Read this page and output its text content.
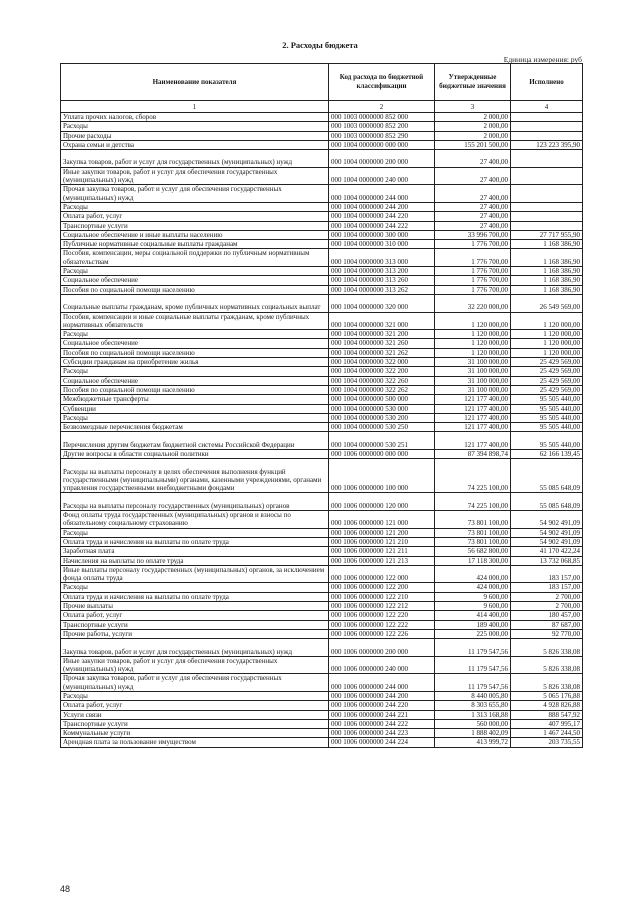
2. Расходы бюджета
Единица измерения: руб
Наименование показателя	Код расхода по бюджетной классификации	Утвержденные бюджетные значения	Исполнено
1	2	3	4
Уплата прочих налогов, сборов	000 1003 0000000 852 000	2 000,00	
Расходы	000 1003 0000000 852 200	2 000,00	
Прочие расходы	000 1003 0000000 852 290	2 000,00	
Охрана семьи и детства	000 1004 0000000 000 000	155 201 500,00	123 223 395,90
Закупка товаров, работ и услуг для государственных (муниципальных) нужд	000 1004 0000000 200 000	27 400,00	
Иные закупки товаров, работ и услуг для обеспечения государственных (муниципальных) нужд	000 1004 0000000 240 000	27 400,00	
Прочая закупка товаров, работ и услуг для обеспечения государственных (муниципальных) нужд	000 1004 0000000 244 000	27 400,00	
Расходы	000 1004 0000000 244 200	27 400,00	
Оплата работ, услуг	000 1004 0000000 244 220	27 400,00	
Транспортные услуги	000 1004 0000000 244 222	27 400,00	
Социальное обеспечение и иные выплаты населению	000 1004 0000000 300 000	33 996 700,00	27 717 955,90
Публичные нормативные социальные выплаты гражданам	000 1004 0000000 310 000	1 776 700,00	1 168 386,90
Пособия, компенсации, меры социальной поддержки по публичным нормативным обязательствам	000 1004 0000000 313 000	1 776 700,00	1 168 386,90
Расходы	000 1004 0000000 313 200	1 776 700,00	1 168 386,90
Социальное обеспечение	000 1004 0000000 313 260	1 776 700,00	1 168 386,90
Пособия по социальной помощи населению	000 1004 0000000 313 262	1 776 700,00	1 168 386,90
Социальные выплаты гражданам, кроме публичных нормативных социальных выплат	000 1004 0000000 320 000	32 220 000,00	26 549 569,00
Пособия, компенсации и иные социальные выплаты гражданам, кроме публичных нормативных обязательств	000 1004 0000000 321 000	1 120 000,00	1 120 000,00
Расходы	000 1004 0000000 321 200	1 120 000,00	1 120 000,00
Социальное обеспечение	000 1004 0000000 321 260	1 120 000,00	1 120 000,00
Пособия по социальной помощи населению	000 1004 0000000 321 262	1 120 000,00	1 120 000,00
Субсидии гражданам на приобретение жилья	000 1004 0000000 322 000	31 100 000,00	25 429 569,00
Расходы	000 1004 0000000 322 200	31 100 000,00	25 429 569,00
Социальное обеспечение	000 1004 0000000 322 260	31 100 000,00	25 429 569,00
Пособия по социальной помощи населению	000 1004 0000000 322 262	31 100 000,00	25 429 569,00
Межбюджетные трансферты	000 1004 0000000 500 000	121 177 400,00	95 505 440,00
Субвенции	000 1004 0000000 530 000	121 177 400,00	95 505 440,00
Расходы	000 1004 0000000 530 200	121 177 400,00	95 505 440,00
Безвозмездные перечисления бюджетам	000 1004 0000000 530 250	121 177 400,00	95 505 440,00
Перечисления другим бюджетам бюджетной системы Российской Федерации	000 1004 0000000 530 251	121 177 400,00	95 505 440,00
Другие вопросы в области социальной политики	000 1006 0000000 000 000	87 394 898,74	62 166 139,45
Расходы на выплаты персоналу в целях обеспечения выполнения функций государственными (муниципальными) органами, казенными учреждениями, органами управления государственными внебюджетными фондами	000 1006 0000000 100 000	74 225 100,00	55 085 648,09
Расходы на выплаты персоналу государственных (муниципальных) органов	000 1006 0000000 120 000	74 225 100,00	55 085 648,09
Фонд оплаты труда государственных (муниципальных) органов и взносы по обязательному социальному страхованию	000 1006 0000000 121 000	73 801 100,00	54 902 491,09
Расходы	000 1006 0000000 121 200	73 801 100,00	54 902 491,09
Оплата труда и начисления на выплаты по оплате труда	000 1006 0000000 121 210	73 801 100,00	54 902 491,09
Заработная плата	000 1006 0000000 121 211	56 682 800,00	41 170 422,24
Начисления на выплаты по оплате труда	000 1006 0000000 121 213	17 118 300,00	13 732 068,85
Иные выплаты персоналу государственных (муниципальных) органов, за исключением фонда оплаты труда	000 1006 0000000 122 000	424 000,00	183 157,00
Расходы	000 1006 0000000 122 200	424 000,00	183 157,00
Оплата труда и начисления на выплаты по оплате труда	000 1006 0000000 122 210	9 600,00	2 700,00
Прочие выплаты	000 1006 0000000 122 212	9 600,00	2 700,00
Оплата работ, услуг	000 1006 0000000 122 220	414 400,00	180 457,00
Транспортные услуги	000 1006 0000000 122 222	189 400,00	87 687,00
Прочие работы, услуги	000 1006 0000000 122 226	225 000,00	92 770,00
Закупка товаров, работ и услуг для государственных (муниципальных) нужд	000 1006 0000000 200 000	11 179 547,56	5 826 338,08
Иные закупки товаров, работ и услуг для обеспечения государственных (муниципальных) нужд	000 1006 0000000 240 000	11 179 547,56	5 826 338,08
Прочая закупка товаров, работ и услуг для обеспечения государственных (муниципальных) нужд	000 1006 0000000 244 000	11 179 547,56	5 826 338,08
Расходы	000 1006 0000000 244 200	8 440 005,80	5 065 176,88
Оплата работ, услуг	000 1006 0000000 244 220	8 303 655,80	4 928 826,88
Услуги связи	000 1006 0000000 244 221	1 313 168,88	888 547,92
Транспортные услуги	000 1006 0000000 244 222	560 000,00	407 995,17
Коммунальные услуги	000 1006 0000000 244 223	1 888 402,09	1 467 244,50
Арендная плата за пользование имуществом	000 1006 0000000 244 224	413 999,72	203 735,55
48
